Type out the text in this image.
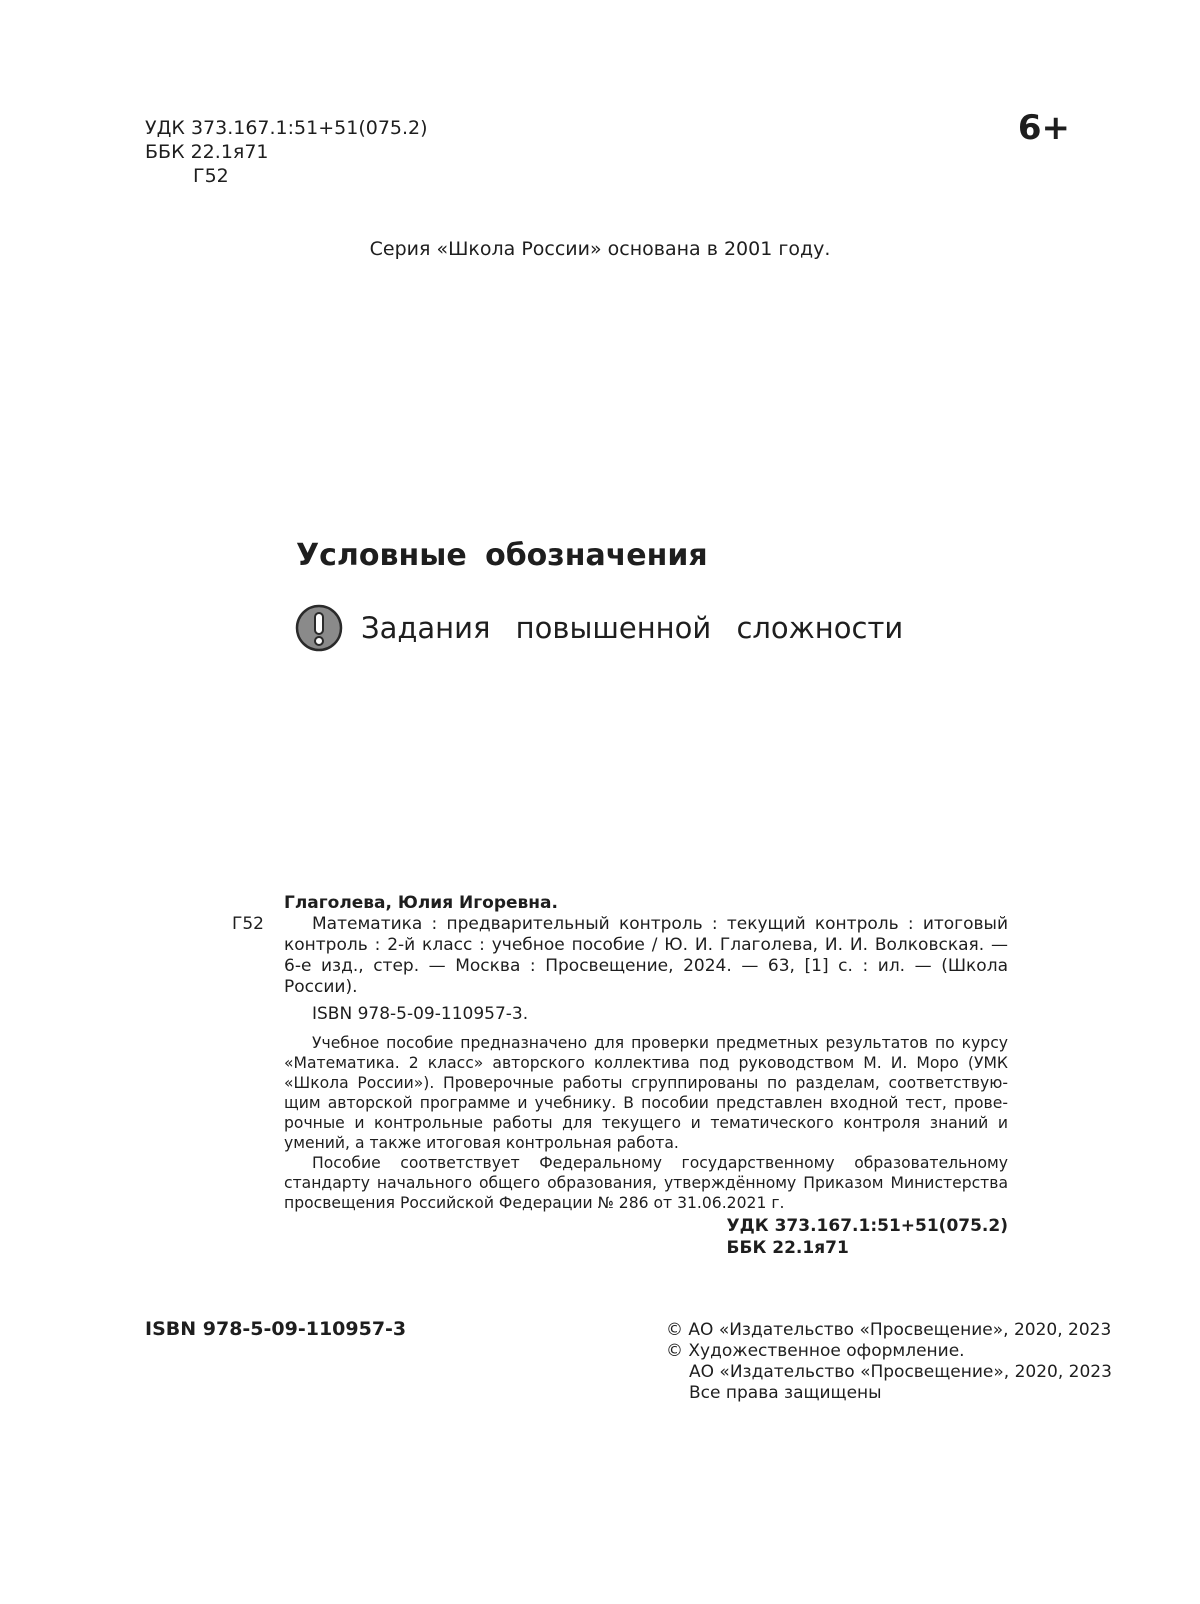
УДК 373.167.1:51+51(075.2)
ББК 22.1я71
Г52
6+
Серия «Школа России» основана в 2001 году.
Условные обозначения
Задания повышенной сложности
Глаголева, Юлия Игоревна.
Г52	Математика : предварительный контроль : текущий контроль : итоговый контроль : 2-й класс : учебное пособие / Ю. И. Глаголева, И. И. Волковская. — 6-е изд., стер. — Москва : Просвещение, 2024. — 63, [1] с. : ил. — (Школа России).
ISBN 978-5-09-110957-3.

Учебное пособие предназначено для проверки предметных результатов по курсу «Математика. 2 класс» авторского коллектива под руководством М. И. Моро (УМК «Школа России»). Проверочные работы сгруппированы по разделам, соответствующим авторской программе и учебнику. В пособии представлен входной тест, проверочные и контрольные работы для текущего и тематического контроля знаний и умений, а также итоговая контрольная работа.

Пособие соответствует Федеральному государственному образовательному стандарту начального общего образования, утверждённому Приказом Министерства просвещения Российской Федерации № 286 от 31.06.2021 г.

УДК 373.167.1:51+51(075.2)
ББК 22.1я71
ISBN 978-5-09-110957-3	© АО «Издательство «Просвещение», 2020, 2023
© Художественное оформление.
АО «Издательство «Просвещение», 2020, 2023
Все права защищены
